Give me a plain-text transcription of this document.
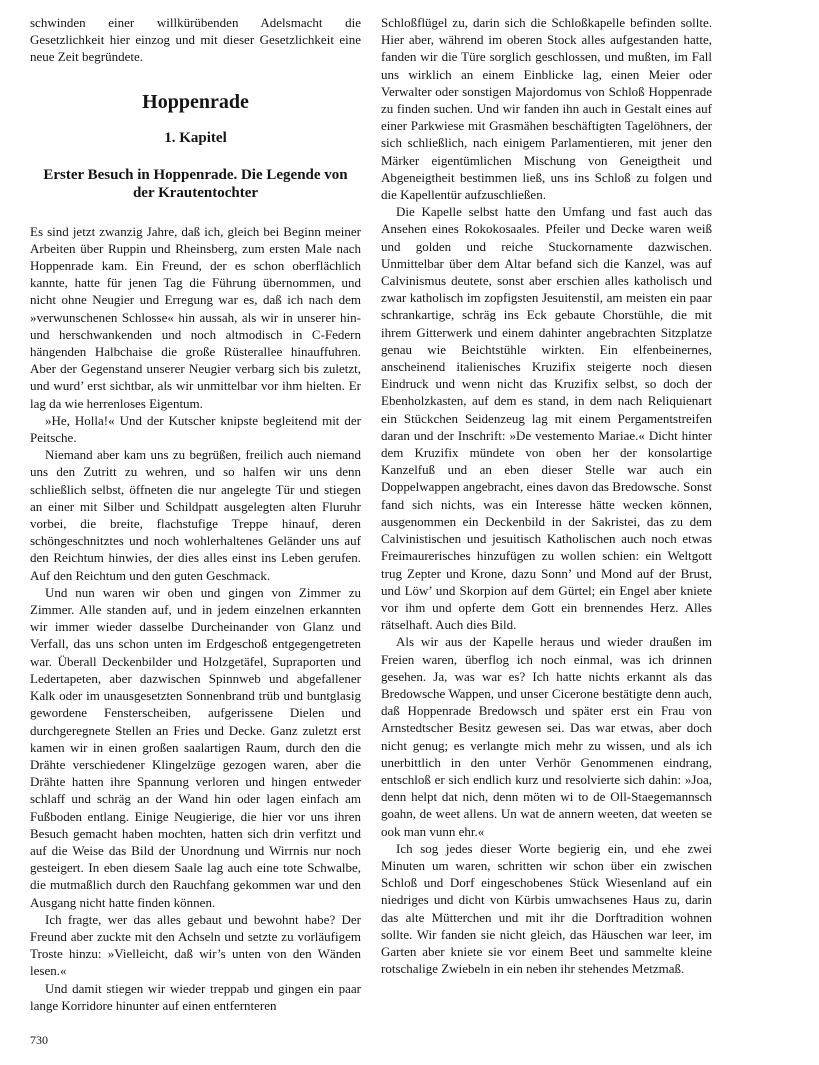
schwinden einer willkürübenden Adelsmacht die Gesetzlichkeit hier einzog und mit dieser Gesetzlichkeit eine neue Zeit begründete.

Hoppenrade
1. Kapitel
Erster Besuch in Hoppenrade. Die Legende von der Krautentochter

Es sind jetzt zwanzig Jahre, daß ich, gleich bei Beginn meiner Arbeiten über Ruppin und Rheinsberg, zum ersten Male nach Hoppenrade kam. Ein Freund, der es schon oberflächlich kannte, hatte für jenen Tag die Führung übernommen, und nicht ohne Neugier und Erregung war es, daß ich nach dem »verwunschenen Schlosse« hin aussah, als wir in unserer hin- und herschwankenden und noch altmodisch in C-Federn hängenden Halbchaise die große Rüsterallee hinauffuhren. Aber der Gegenstand unserer Neugier verbarg sich bis zuletzt, und wurd’ erst sichtbar, als wir unmittelbar vor ihm hielten. Er lag da wie herrenloses Eigentum.

»He, Holla!« Und der Kutscher knipste begleitend mit der Peitsche.

Niemand aber kam uns zu begrüßen, freilich auch niemand uns den Zutritt zu wehren, und so halfen wir uns denn schließlich selbst, öffneten die nur angelegte Tür und stiegen an einer mit Silber und Schildpatt ausgelegten alten Fluruhr vorbei, die breite, flachstufige Treppe hinauf, deren schöngeschnitztes und noch wohlerhaltenes Geländer uns auf den Reichtum hinwies, der dies alles einst ins Leben gerufen. Auf den Reichtum und den guten Geschmack.

Und nun waren wir oben und gingen von Zimmer zu Zimmer. Alle standen auf, und in jedem einzelnen erkannten wir immer wieder dasselbe Durcheinander von Glanz und Verfall, das uns schon unten im Erdgeschoß entgegengetreten war. Überall Deckenbilder und Holzgetäfel, Supraporten und Ledertapeten, aber dazwischen Spinnweb und abgefallener Kalk oder im unausgesetzten Sonnenbrand trüb und buntglasig gewordene Fensterscheiben, aufgerissene Dielen und durchgeregnete Stellen an Fries und Decke. Ganz zuletzt erst kamen wir in einen großen saalartigen Raum, durch den die Drähte verschiedener Klingelzüge gezogen waren, aber die Drähte hatten ihre Spannung verloren und hingen entweder schlaff und schräg an der Wand hin oder lagen einfach am Fußboden entlang. Einige Neugierige, die hier vor uns ihren Besuch gemacht haben mochten, hatten sich drin verfitzt und auf die Weise das Bild der Unordnung und Wirrnis nur noch gesteigert. In eben diesem Saale lag auch eine tote Schwalbe, die mutmaßlich durch den Rauchfang gekommen war und den Ausgang nicht hatte finden können.

Ich fragte, wer das alles gebaut und bewohnt habe? Der Freund aber zuckte mit den Achseln und setzte zu vorläufigem Troste hinzu: »Vielleicht, daß wir’s unten von den Wänden lesen.«

Und damit stiegen wir wieder treppab und gingen ein paar lange Korridore hinunter auf einen entfernteren

Schloßflügel zu, darin sich die Schloßkapelle befinden sollte. Hier aber, während im oberen Stock alles aufgestanden hatte, fanden wir die Türe sorglich geschlossen, und mußten, im Fall uns wirklich an einem Einblicke lag, einen Meier oder Verwalter oder sonstigen Majordomus von Schloß Hoppenrade zu finden suchen. Und wir fanden ihn auch in Gestalt eines auf einer Parkwiese mit Grasmähen beschäftigten Tagelöhners, der sich schließlich, nach einigem Parlamentieren, mit jener den Märker eigentümlichen Mischung von Geneigtheit und Abgeneigtheit bestimmen ließ, uns ins Schloß zu folgen und die Kapellentür aufzuschließen.

Die Kapelle selbst hatte den Umfang und fast auch das Ansehen eines Rokokosaales. Pfeiler und Decke waren weiß und golden und reiche Stuckornamente dazwischen. Unmittelbar über dem Altar befand sich die Kanzel, was auf Calvinismus deutete, sonst aber erschien alles katholisch und zwar katholisch im zopfigsten Jesuitenstil, am meisten ein paar schrankartige, schräg ins Eck gebaute Chorstühle, die mit ihrem Gitterwerk und einem dahinter angebrachten Sitzplatze genau wie Beichtstühle wirkten. Ein elfenbeinernes, anscheinend italienisches Kruzifix steigerte noch diesen Eindruck und wenn nicht das Kruzifix selbst, so doch der Ebenholzkasten, auf dem es stand, in dem nach Reliquienart ein Stückchen Seidenzeug lag mit einem Pergamentstreifen daran und der Inschrift: »De vestemento Mariae.« Dicht hinter dem Kruzifix mündete von oben her der konsolartige Kanzelfuß und an eben dieser Stelle war auch ein Doppelwappen angebracht, eines davon das Bredowsche. Sonst fand sich nichts, was ein Interesse hätte wecken können, ausgenommen ein Deckenbild in der Sakristei, das zu dem Calvinistischen und jesuitisch Katholischen auch noch etwas Freimaurerisches hinzufügen zu wollen schien: ein Weltgott trug Zepter und Krone, dazu Sonn’ und Mond auf der Brust, und Löw’ und Skorpion auf dem Gürtel; ein Engel aber kniete vor ihm und opferte dem Gott ein brennendes Herz. Alles rätselhaft. Auch dies Bild.

Als wir aus der Kapelle heraus und wieder draußen im Freien waren, überflog ich noch einmal, was ich drinnen gesehen. Ja, was war es? Ich hatte nichts erkannt als das Bredowsche Wappen, und unser Cicerone bestätigte denn auch, daß Hoppenrade Bredowsch und später erst ein Frau von Arnstedtscher Besitz gewesen sei. Das war etwas, aber doch nicht genug; es verlangte mich mehr zu wissen, und als ich unerbittlich in den unter Verhör Genommenen eindrang, entschloß er sich endlich kurz und resolvierte sich dahin: »Joa, denn helpt dat nich, denn möten wi to de Oll-Staegemannsch goahn, de weet allens. Un wat de annern weeten, dat weeten se ook man vunn ehr.«

Ich sog jedes dieser Worte begierig ein, und ehe zwei Minuten um waren, schritten wir schon über ein zwischen Schloß und Dorf eingeschobenes Stück Wiesenland auf ein niedriges und dicht von Kürbis umwachsenes Haus zu, darin das alte Mütterchen und mit ihr die Dorftradition wohnen sollte. Wir fanden sie nicht gleich, das Häuschen war leer, im Garten aber kniete sie vor einem Beet und sammelte kleine rotschalige Zwiebeln in ein neben ihr stehendes Metzmaß.

730
